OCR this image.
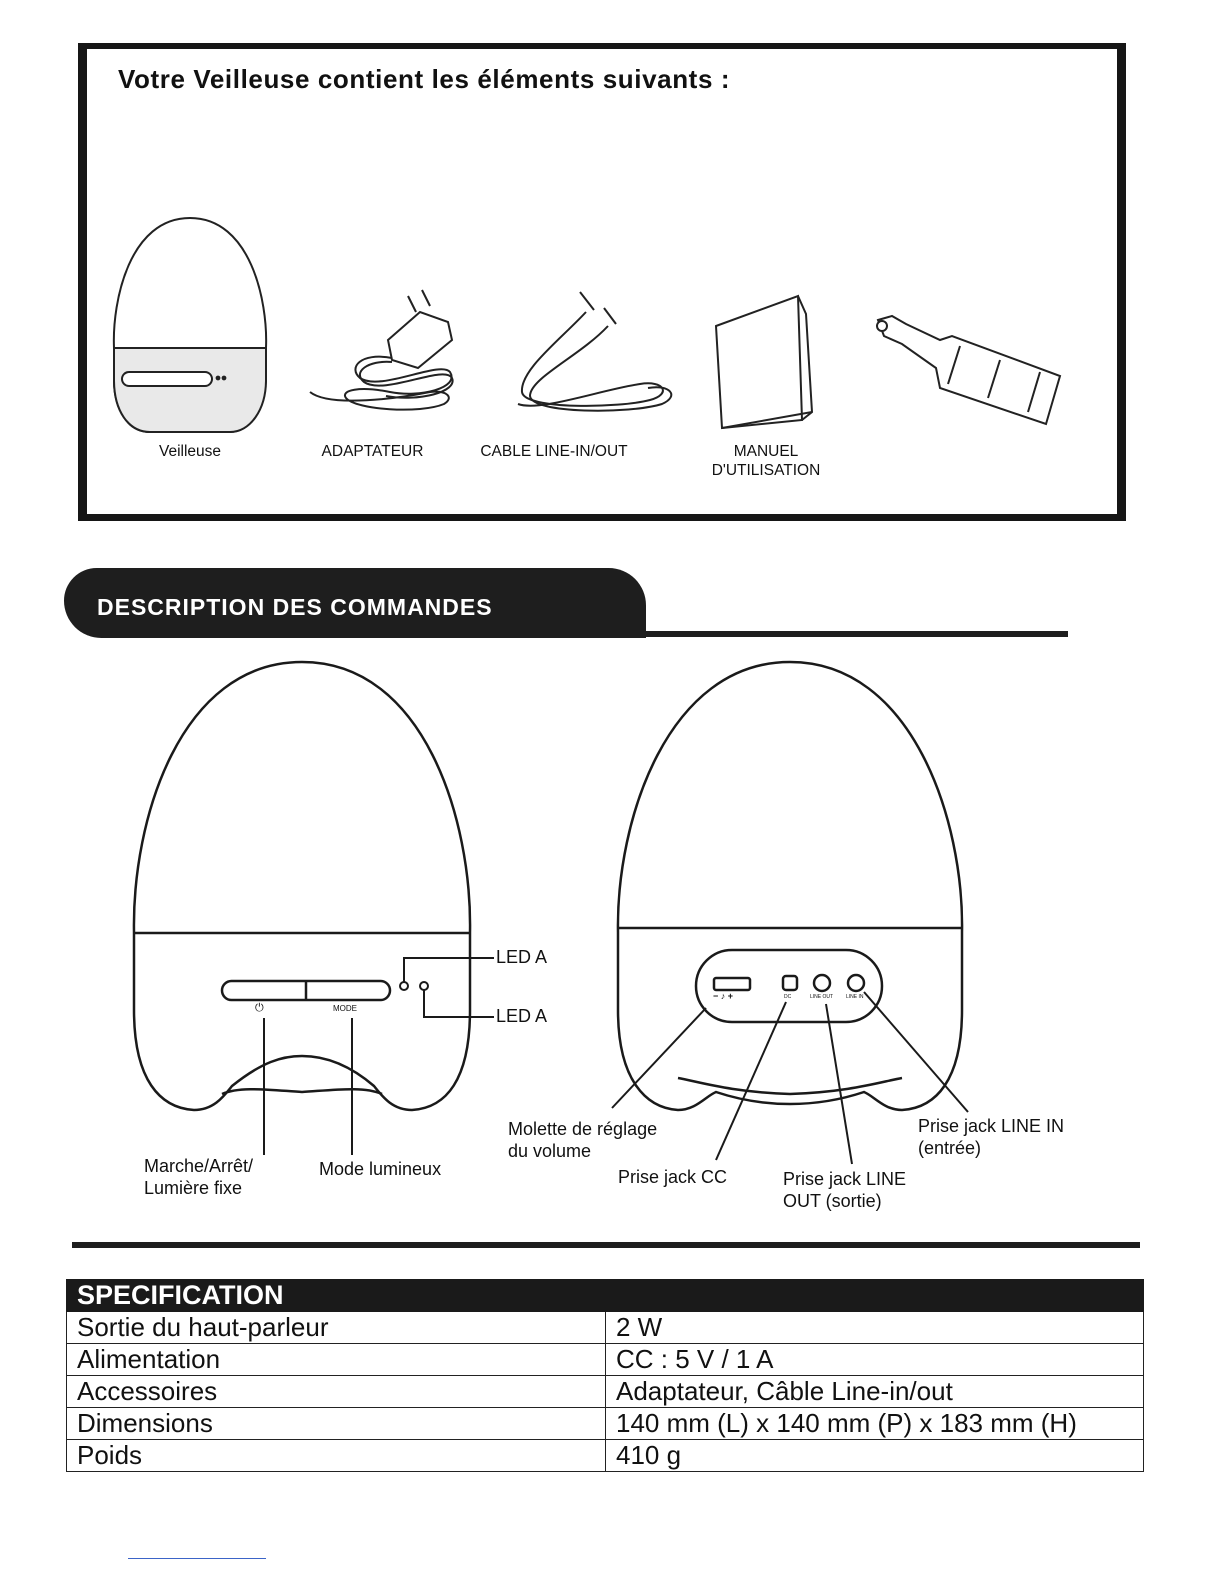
Votre Veilleuse contient les éléments suivants :
Veilleuse	ADAPTATEUR	CABLE LINE-IN/OUT	MANUEL
D'UTILISATION
DESCRIPTION DES COMMANDES
⏻	MODE
− ♪ +	DC	LINE OUT	LINE IN
LED A
LED A
Marche/Arrêt/
Lumière fixe
Mode lumineux
Molette de réglage
du volume
Prise jack CC	Prise jack LINE
OUT (sortie)
Prise jack LINE IN
(entrée)
SPECIFICATION	
Sortie du haut-parleur	2 W
Alimentation	CC : 5 V / 1 A
Accessoires	Adaptateur, Câble Line-in/out
Dimensions	140 mm (L) x 140 mm (P) x 183 mm (H)
Poids	410 g
